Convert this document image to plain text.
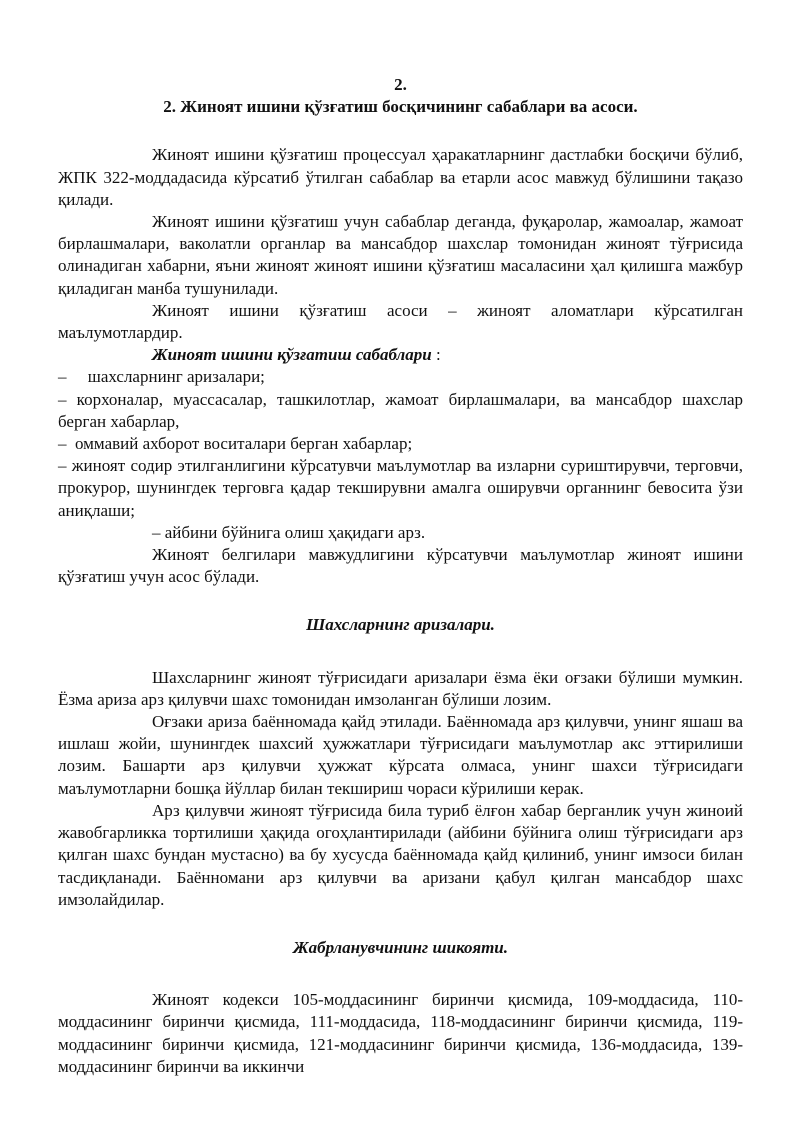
2.

2. Жиноят ишини қўзғатиш босқичининг сабаблари ва асоси.

Жиноят ишини қўзғатиш процессуал ҳаракатларнинг дастлабки босқичи бўлиб, ЖПК 322-моддадасида кўрсатиб ўтилган сабаблар ва етарли асос мавжуд бўлишини тақазо қилади.

Жиноят ишини қўзғатиш учун сабаблар деганда, фуқаролар, жамоалар, жамоат бирлашмалари, ваколатли органлар ва мансабдор шахслар томонидан жиноят тўғрисида олинадиган хабарни, яъни жиноят жиноят ишини қўзғатиш масаласини ҳал қилишга мажбур қиладиган манба тушунилади.

Жиноят ишини қўзғатиш асоси – жиноят аломатлари кўрсатилган маълумотлардир.

Жиноят ишини қўзғатиш сабаблари :

–     шахсларнинг аризалари;

– корхоналар, муассасалар, ташкилотлар, жамоат бирлашмалари, ва мансабдор шахслар берган хабарлар,

–  оммавий ахборот воситалари берган хабарлар;

– жиноят содир этилганлигини кўрсатувчи маълумотлар ва изларни суриштирувчи, терговчи, прокурор, шунингдек терговга қадар текширувни амалга оширувчи органнинг бевосита ўзи аниқлаши;

– айбини бўйнига олиш ҳақидаги арз.

Жиноят белгилари мавжудлигини кўрсатувчи маълумотлар жиноят ишини қўзғатиш учун асос бўлади.

Шахсларнинг аризалари.

Шахсларнинг жиноят тўғрисидаги аризалари ёзма ёки оғзаки бўлиши мумкин. Ёзма ариза арз қилувчи шахс томонидан имзоланган бўлиши лозим.

Оғзаки ариза баённомада қайд этилади. Баённомада арз қилувчи, унинг яшаш ва ишлаш жойи, шунингдек шахсий ҳужжатлари тўғрисидаги маълумотлар акс эттирилиши лозим. Башарти арз қилувчи ҳужжат кўрсата олмаса, унинг шахси тўғрисидаги маълумотларни бошқа йўллар билан текшириш чораси кўрилиши керак.

Арз қилувчи жиноят тўғрисида била туриб ёлғон хабар берганлик учун жиноий жавобгарликка тортилиши ҳақида огоҳлантирилади (айбини бўйнига олиш тўғрисидаги арз қилган шахс бундан мустасно) ва бу хусусда баённомада қайд қилиниб, унинг имзоси билан тасдиқланади. Баённомани арз қилувчи ва аризани қабул қилган мансабдор шахс имзолайдилар.

Жабрланувчининг шикояти.

Жиноят кодекси 105-моддасининг биринчи қисмида, 109-моддасида, 110-моддасининг биринчи қисмида, 111-моддасида, 118-моддасининг биринчи қисмида, 119-моддасининг биринчи қисмида, 121-моддасининг биринчи қисмида, 136-моддасида, 139-моддасининг биринчи ва иккинчи
